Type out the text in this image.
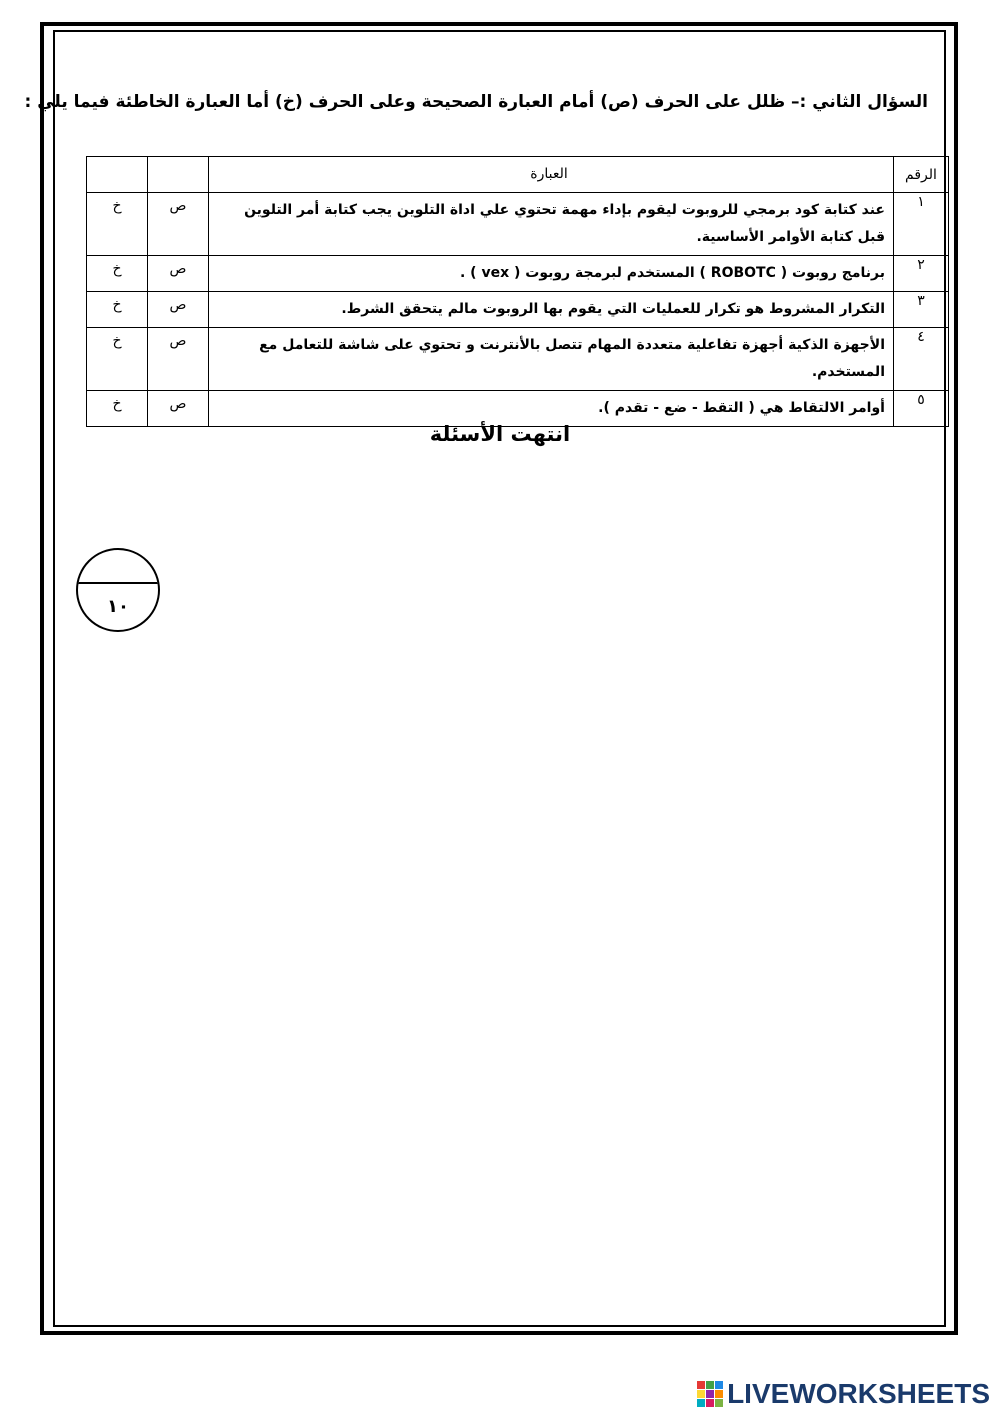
السؤال الثاني :– ظلل على الحرف (ص) أمام العبارة الصحيحة وعلى الحرف (خ) أما العبارة الخاطئة فيما يلي :
الرقم	العبارة		
١	عند كتابة كود برمجي للروبوت ليقوم بإداء مهمة تحتوي علي اداة التلوين يجب كتابة أمر التلوين قبل كتابة الأوامر الأساسية.	ص	خ
٢	برنامج روبوت ( ROBOTC ) المستخدم لبرمجة روبوت ( vex ) .	ص	خ
٣	التكرار المشروط هو تكرار للعمليات التي يقوم بها الروبوت مالم يتحقق الشرط.	ص	خ
٤	الأجهزة الذكية أجهزة تفاعلية متعددة المهام تتصل بالأنترنت و تحتوي على شاشة للتعامل مع المستخدم.	ص	خ
٥	أوامر الالتقاط هي ( التقط - ضع - تقدم ).	ص	خ
انتهت الأسئلة
١٠
LIVEWORKSHEETS
